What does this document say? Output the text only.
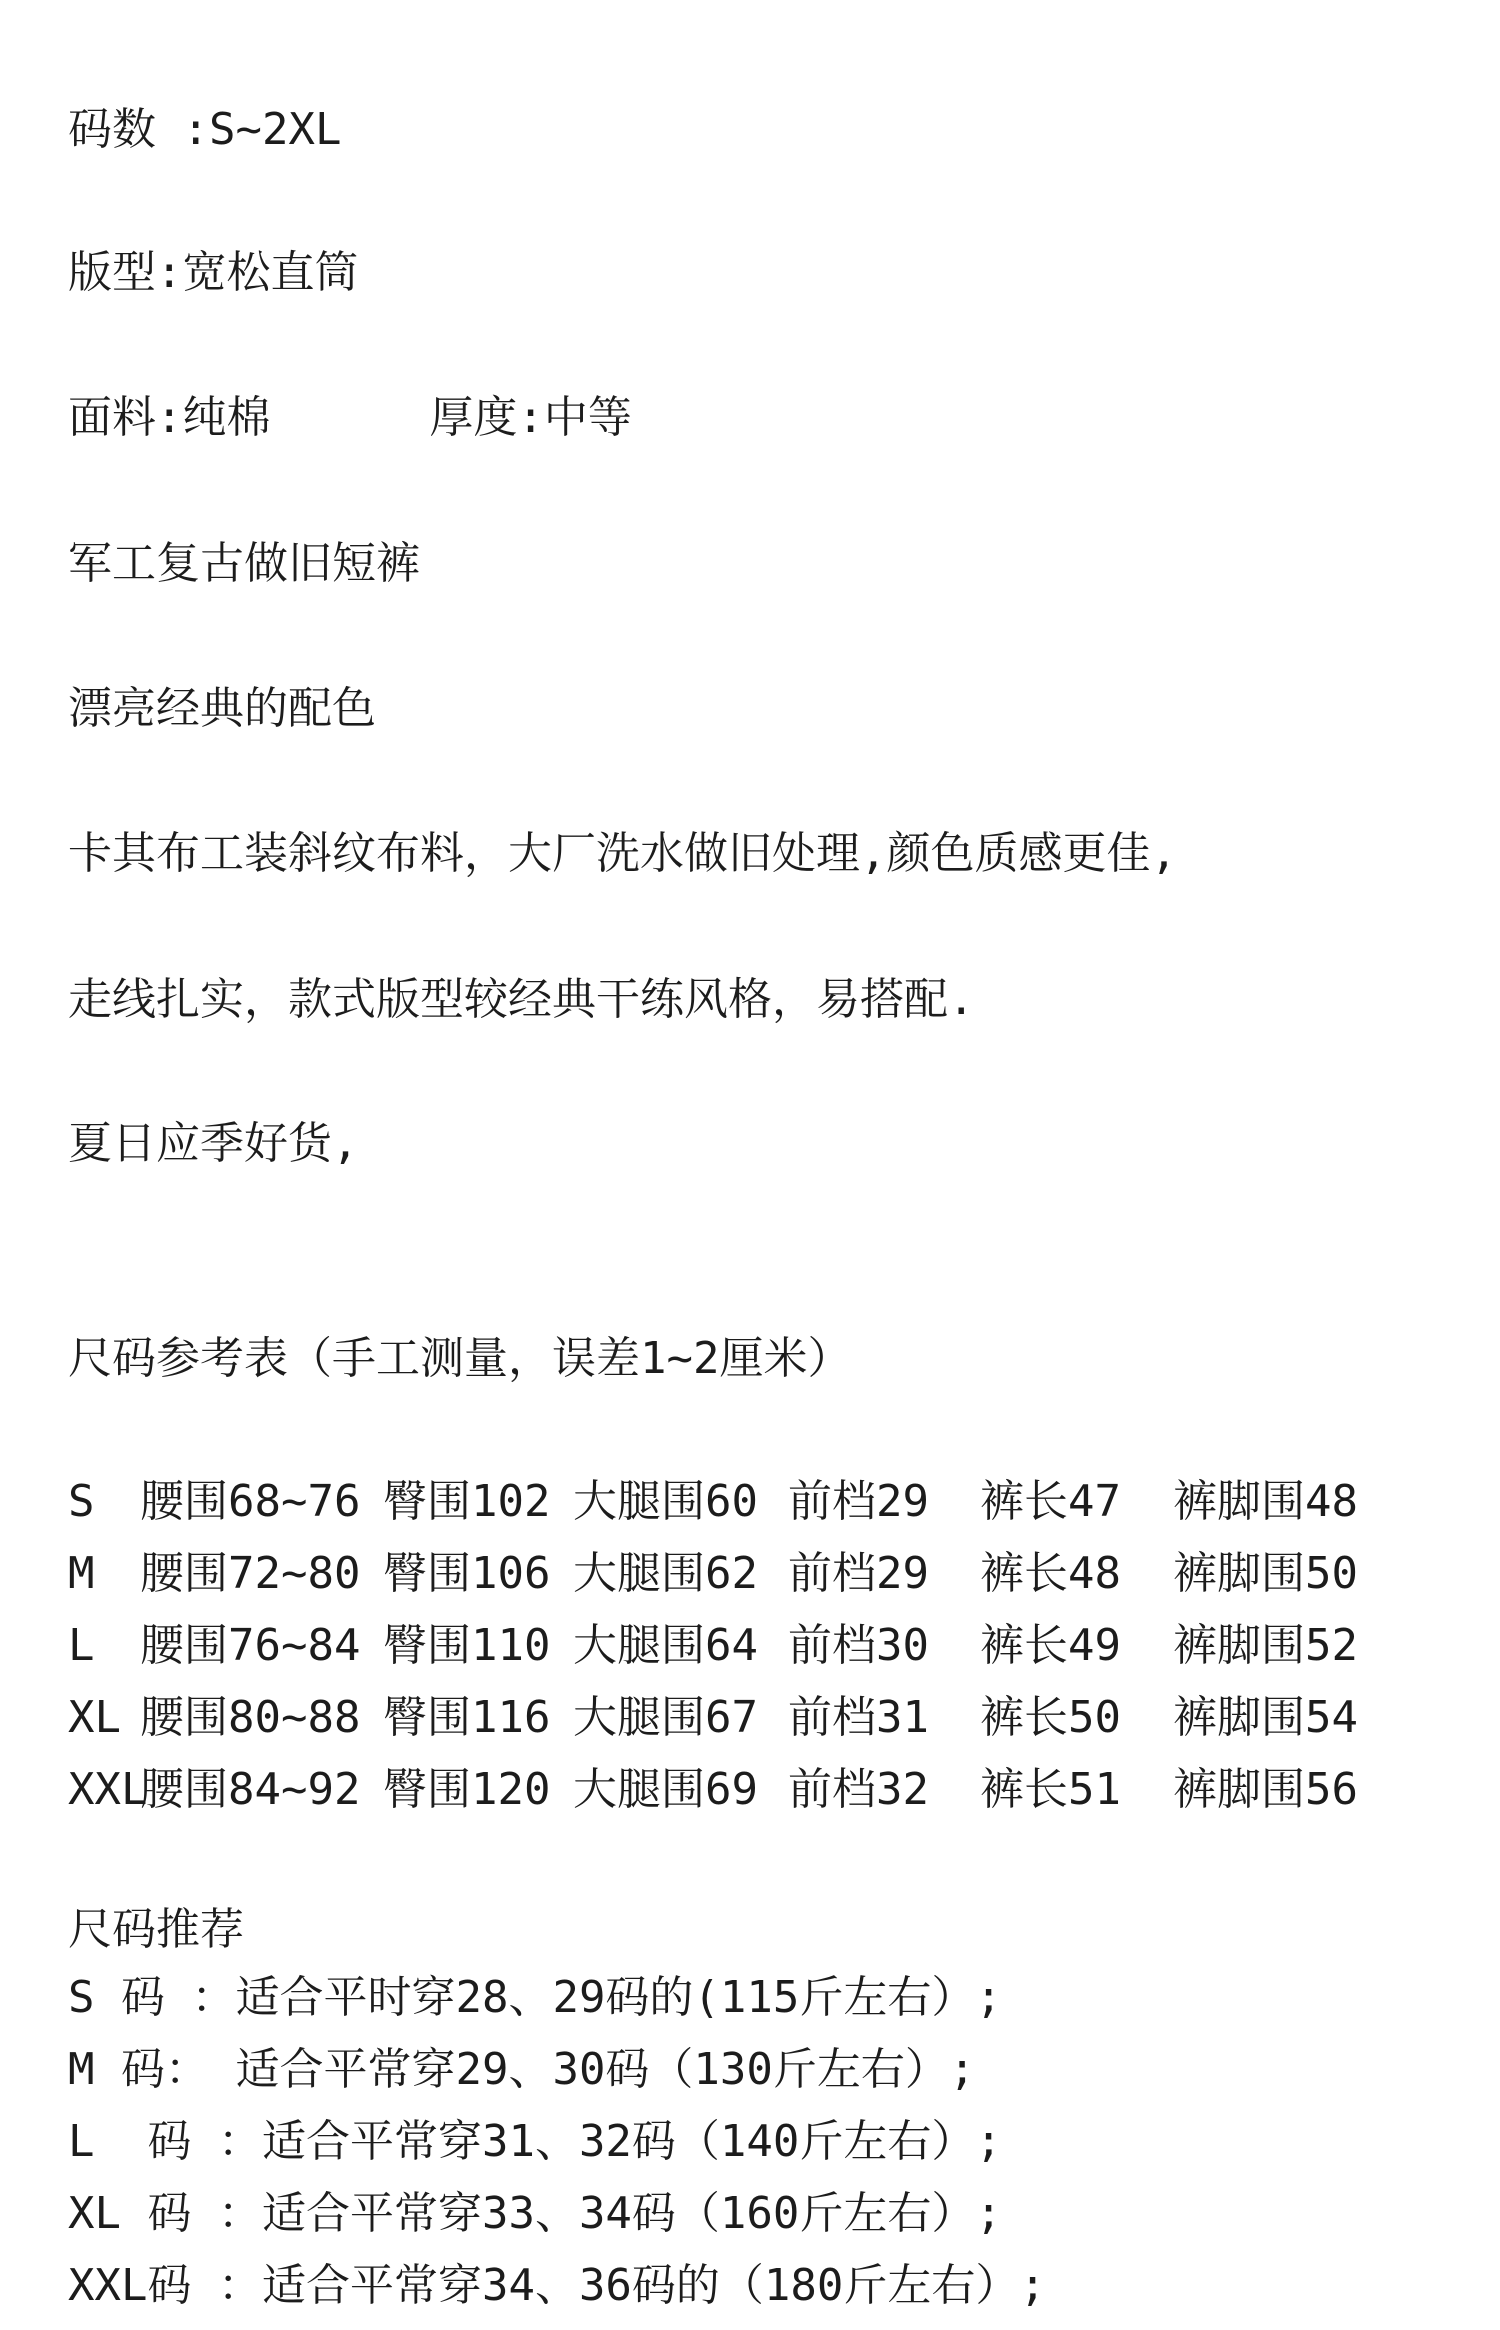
码数 :S~2XL
版型:宽松直筒
面料:纯棉      厚度:中等
军工复古做旧短裤
漂亮经典的配色
卡其布工装斜纹布料，大厂洗水做旧处理,颜色质感更佳,
走线扎实，款式版型较经典干练风格，易搭配.
夏日应季好货,
尺码参考表（手工测量，误差1~2厘米）

S

腰围68~76

臀围102

大腿围60

前档29

裤长47

裤脚围48

M

腰围72~80

臀围106

大腿围62

前档29

裤长48

裤脚围50

L

腰围76~84

臀围110

大腿围64

前档30

裤长49

裤脚围52

XL

腰围80~88

臀围116

大腿围67

前档31

裤长50

裤脚围54

XXL

腰围84~92

臀围120

大腿围69

前档32

裤长51

裤脚围56

尺码推荐
S 码 ：适合平时穿28、29码的(115斤左右）;
M 码： 适合平常穿29、30码（130斤左右）;
L  码 ：适合平常穿31、32码（140斤左右）;
XL 码 ：适合平常穿33、34码（160斤左右）;
XXL码 ：适合平常穿34、36码的（180斤左右）;
